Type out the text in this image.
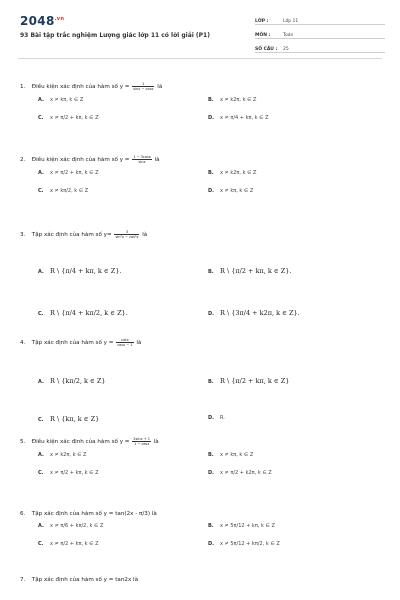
$2048^{.vn}$
93 Bài tập trắc nghiệm Lượng giác lớp 11 có lời giải (P1)
LỚP :	Lớp 11
MÔN :	Toán
SỐ CÂU :	25
1. Điều kiện xác định của hàm số $y = \frac{1}{\sin x - \cos x}$ là
A. x ≠ kπ, k ∈ Z	B. x ≠ k2π, k ∈ Z
C. x ≠ π/2 + kπ, k ∈ Z	D. x ≠ π/4 + kπ, k ∈ Z
2. Điều kiện xác định của hàm số $y = \frac{1 - 3\cos x}{\sin x}$ là
A. x ≠ π/2 + kπ, k ∈ Z	B. x ≠ k2π, k ∈ Z
C. x ≠ kπ/2, k ∈ Z	D. x ≠ kπ, k ∈ Z
3. Tập xác định của hàm số $y= \frac{3}{\text{sin²x − cos²x}}$ là
A. R \ {π/4 + kπ, k ∈ Z}.	B. R \ {π/2 + kπ, k ∈ Z}.
C. R \ {π/4 + kπ/2, k ∈ Z}.	D. R \ {3π/4 + k2π, k ∈ Z}.
4. Tập xác định của hàm số $y = \frac{\cot x}{\cos x - 1}$ là
A. R \ {kπ/2, k ∈ Z}	B. R \ {π/2 + kπ, k ∈ Z}
C. R \ {kπ, k ∈ Z}	D. R.
5. Điều kiện xác định của hàm số $y = \frac{2\sin x + 1}{1 - \cos x}$ là
A. x ≠ k2π, k ∈ Z	B. x ≠ kπ, k ∈ Z
C. x ≠ π/2 + kπ, k ∈ Z	D. x ≠ π/2 + k2π, k ∈ Z
6. Tập xác định của hàm số y = tan(2x - π/3) là
A. x ≠ π/6 + kπ/2, k ∈ Z	B. x ≠ 5π/12 + kπ, k ∈ Z
C. x ≠ π/2 + kπ, k ∈ Z	D. x ≠ 5π/12 + kπ/2, k ∈ Z
7. Tập xác định của hàm số y = tan2x là
